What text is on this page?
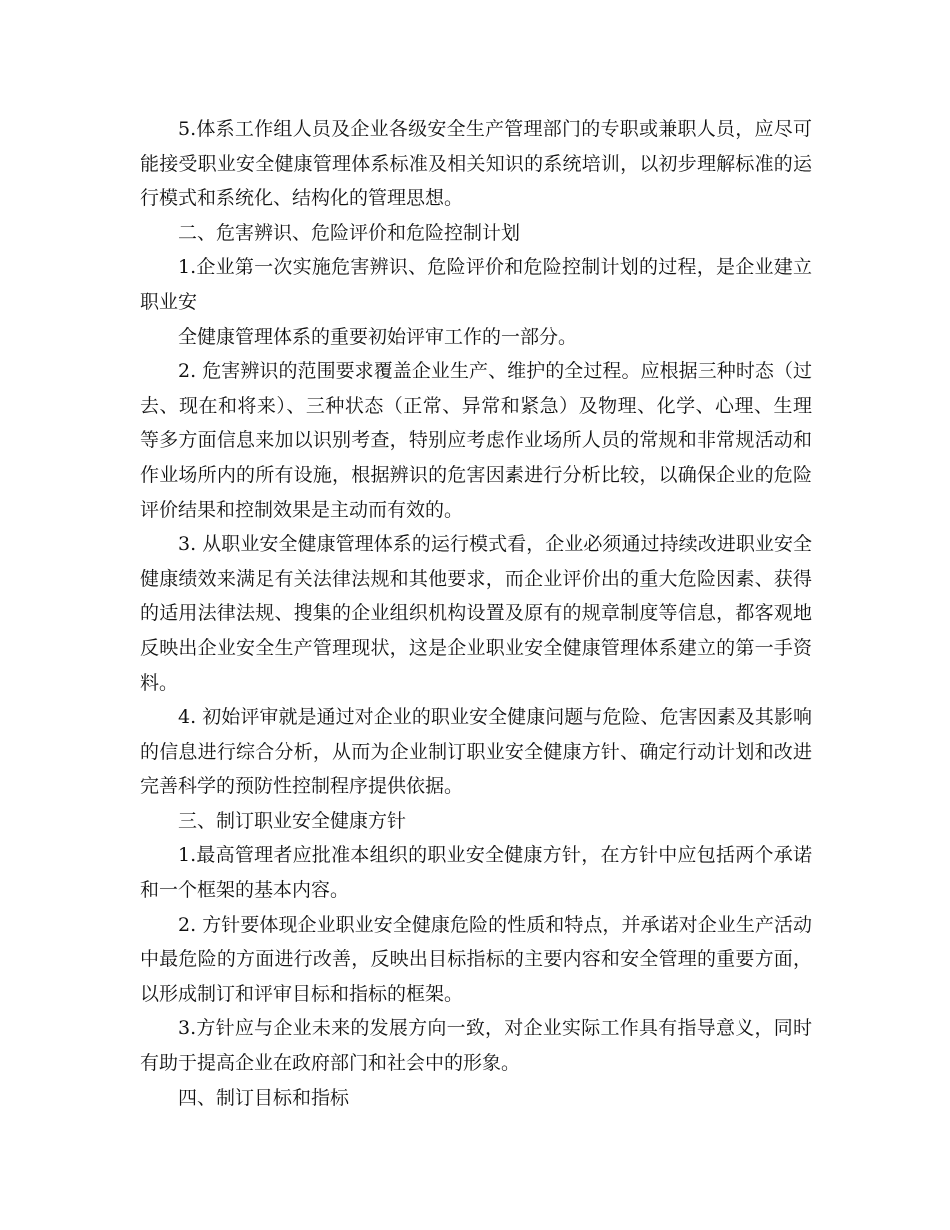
5.体系工作组人员及企业各级安全生产管理部门的专职或兼职人员，应尽可能接受职业安全健康管理体系标准及相关知识的系统培训，以初步理解标准的运行模式和系统化、结构化的管理思想。

二、危害辨识、危险评价和危险控制计划

1.企业第一次实施危害辨识、危险评价和危险控制计划的过程，是企业建立职业安

全健康管理体系的重要初始评审工作的一部分。

2. 危害辨识的范围要求覆盖企业生产、维护的全过程。应根据三种时态（过去、现在和将来）、三种状态（正常、异常和紧急）及物理、化学、心理、生理等多方面信息来加以识别考查，特别应考虑作业场所人员的常规和非常规活动和作业场所内的所有设施，根据辨识的危害因素进行分析比较，以确保企业的危险评价结果和控制效果是主动而有效的。

3. 从职业安全健康管理体系的运行模式看，企业必须通过持续改进职业安全健康绩效来满足有关法律法规和其他要求，而企业评价出的重大危险因素、获得的适用法律法规、搜集的企业组织机构设置及原有的规章制度等信息，都客观地反映出企业安全生产管理现状，这是企业职业安全健康管理体系建立的第一手资料。

4. 初始评审就是通过对企业的职业安全健康问题与危险、危害因素及其影响的信息进行综合分析，从而为企业制订职业安全健康方针、确定行动计划和改进完善科学的预防性控制程序提供依据。

三、制订职业安全健康方针

1.最高管理者应批准本组织的职业安全健康方针，在方针中应包括两个承诺和一个框架的基本内容。

2. 方针要体现企业职业安全健康危险的性质和特点，并承诺对企业生产活动中最危险的方面进行改善，反映出目标指标的主要内容和安全管理的重要方面，以形成制订和评审目标和指标的框架。

3.方针应与企业未来的发展方向一致，对企业实际工作具有指导意义，同时有助于提高企业在政府部门和社会中的形象。

四、制订目标和指标
